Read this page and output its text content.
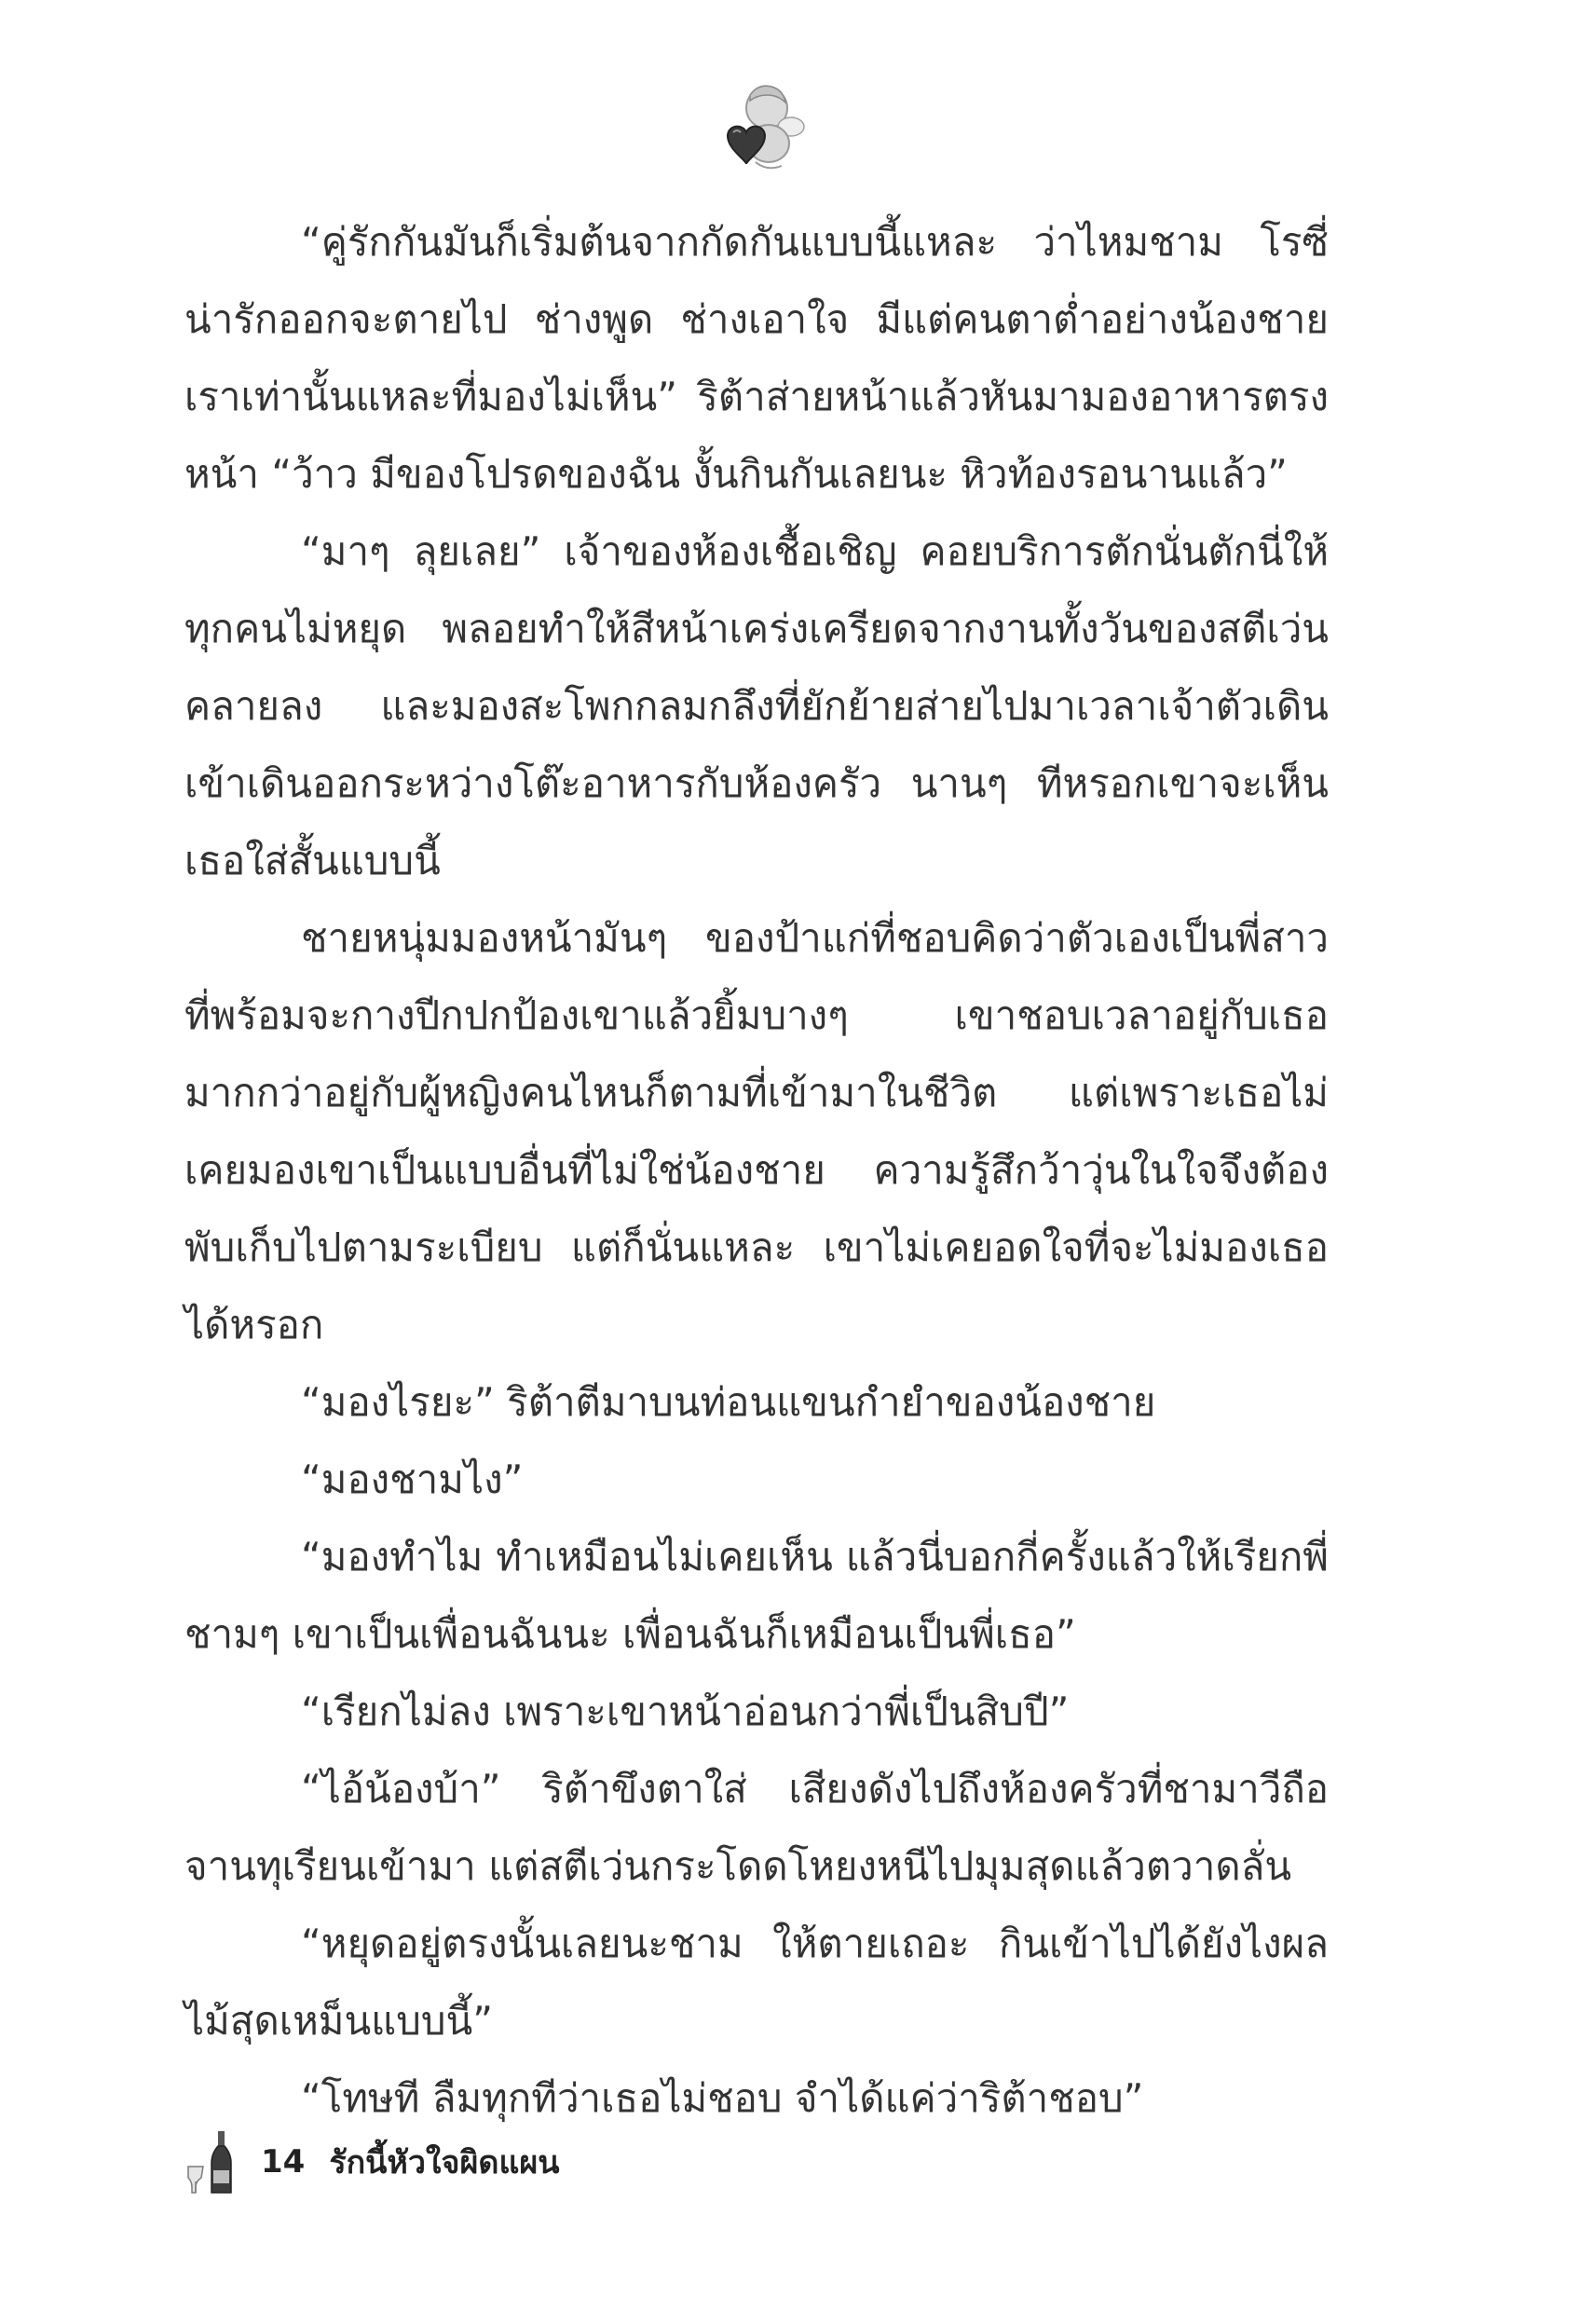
“คู่รักกันมันก็เริ่มต้นจากกัดกันแบบนี้แหละ ว่าไหมชาม โรซี่น่ารักออกจะตายไป ช่างพูด ช่างเอาใจ มีแต่คนตาต่ำอย่างน้องชายเราเท่านั้นแหละที่มองไม่เห็น” ริต้าส่ายหน้าแล้วหันมามองอาหารตรงหน้า “ว้าว มีของโปรดของฉัน งั้นกินกันเลยนะ หิวท้องรอนานแล้ว”

“มาๆ ลุยเลย” เจ้าของห้องเชื้อเชิญ คอยบริการตักนั่นตักนี่ให้ทุกคนไม่หยุด พลอยทำให้สีหน้าเคร่งเครียดจากงานทั้งวันของสตีเว่นคลายลง และมองสะโพกกลมกลึงที่ยักย้ายส่ายไปมาเวลาเจ้าตัวเดินเข้าเดินออกระหว่างโต๊ะอาหารกับห้องครัว นานๆ ทีหรอกเขาจะเห็นเธอใส่สั้นแบบนี้

ชายหนุ่มมองหน้ามันๆ ของป้าแก่ที่ชอบคิดว่าตัวเองเป็นพี่สาวที่พร้อมจะกางปีกปกป้องเขาแล้วยิ้มบางๆ เขาชอบเวลาอยู่กับเธอมากกว่าอยู่กับผู้หญิงคนไหนก็ตามที่เข้ามาในชีวิต แต่เพราะเธอไม่เคยมองเขาเป็นแบบอื่นที่ไม่ใช่น้องชาย ความรู้สึกว้าวุ่นในใจจึงต้องพับเก็บไปตามระเบียบ แต่ก็นั่นแหละ เขาไม่เคยอดใจที่จะไม่มองเธอได้หรอก

“มองไรยะ” ริต้าตีมาบนท่อนแขนกำยำของน้องชาย

“มองชามไง”

“มองทำไม ทำเหมือนไม่เคยเห็น แล้วนี่บอกกี่ครั้งแล้วให้เรียกพี่ชามๆ เขาเป็นเพื่อนฉันนะ เพื่อนฉันก็เหมือนเป็นพี่เธอ”

“เรียกไม่ลง เพราะเขาหน้าอ่อนกว่าพี่เป็นสิบปี”

“ไอ้น้องบ้า” ริต้าขึงตาใส่ เสียงดังไปถึงห้องครัวที่ชามาวีถือจานทุเรียนเข้ามา แต่สตีเว่นกระโดดโหยงหนีไปมุมสุดแล้วตวาดลั่น

“หยุดอยู่ตรงนั้นเลยนะชาม ให้ตายเถอะ กินเข้าไปได้ยังไงผลไม้สุดเหม็นแบบนี้”

“โทษที ลืมทุกทีว่าเธอไม่ชอบ จำได้แค่ว่าริต้าชอบ”

14 รักนี้หัวใจผิดแผน
